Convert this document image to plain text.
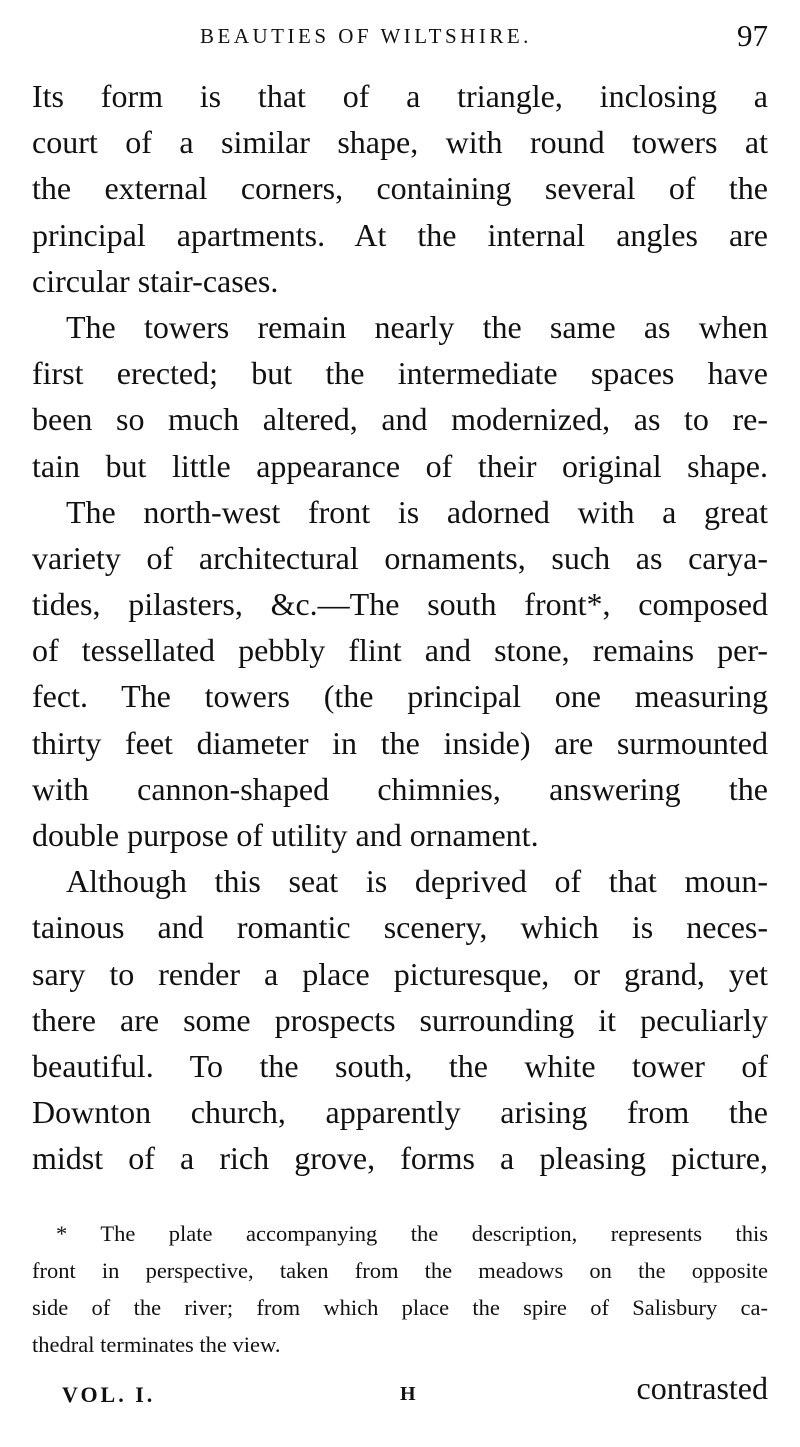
BEAUTIES OF WILTSHIRE.	97
Its form is that of a triangle, inclosing a
court of a similar shape, with round towers at
the external corners, containing several of the
principal apartments. At the internal angles are
circular stair-cases.
The towers remain nearly the same as when
first erected; but the intermediate spaces have
been so much altered, and modernized, as to re-
tain but little appearance of their original shape.
The north-west front is adorned with a great
variety of architectural ornaments, such as carya-
tides, pilasters, &c.—The south front*, composed
of tessellated pebbly flint and stone, remains per-
fect. The towers (the principal one measuring
thirty feet diameter in the inside) are surmounted
with cannon-shaped chimnies, answering the
double purpose of utility and ornament.
Although this seat is deprived of that moun-
tainous and romantic scenery, which is neces-
sary to render a place picturesque, or grand, yet
there are some prospects surrounding it peculiarly
beautiful. To the south, the white tower of
Downton church, apparently arising from the
midst of a rich grove, forms a pleasing picture,
* The plate accompanying the description, represents this
front in perspective, taken from the meadows on the opposite
side of the river; from which place the spire of Salisbury ca-
thedral terminates the view.
VOL. I.	H	contrasted
